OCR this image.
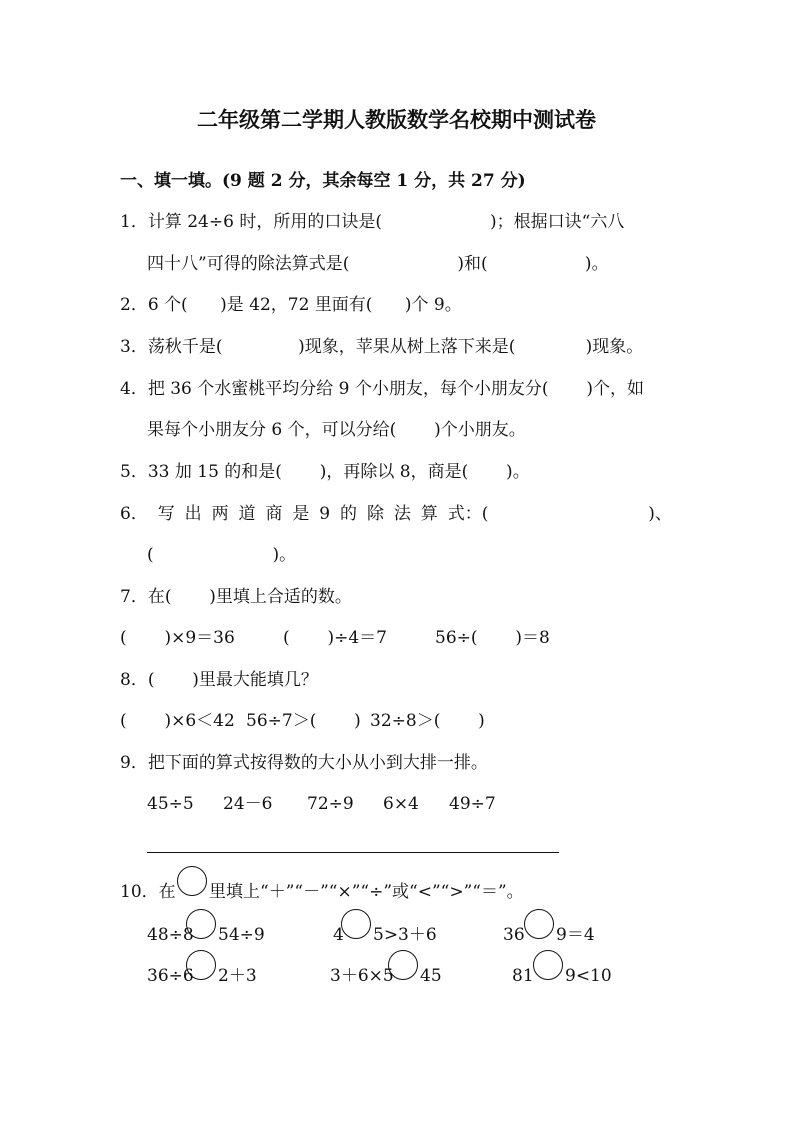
二年级第二学期人教版数学名校期中测试卷
一、填一填。(9 题 2 分，其余每空 1 分，共 27 分)
1．计算 24÷6 时，所用的口诀是(                    )；根据口诀“六八
四十八”可得的除法算式是(                    )和(                  )。
2．6 个(      )是 42，72 里面有(      )个 9。
3．荡秋千是(              )现象，苹果从树上落下来是(             )现象。
4．把 36 个水蜜桃平均分给 9 个小朋友，每个小朋友分(       )个，如
果每个小朋友分 6 个，可以分给(       )个小朋友。
5．33 加 15 的和是(       )，再除以 8，商是(       )。
6． 写 出 两 道 商 是 9 的 除 法 算 式：(	)、
(                      )。
7．在(       )里填上合适的数。
(       )×9＝36	(       )÷4＝7	56÷(       )＝8
8．(       )里最大能填几？
(       )×6＜42 56÷7＞(       ) 32÷8＞(       )
9．把下面的算式按得数的大小从小到大排一排。
45÷5 24－6 72÷9 6×4 49÷7
10．在 里填上“＋”“－”“×”“÷”或“<”“>”“＝”。
48÷8 54÷9	4 5>3＋6	36 9＝4
36÷6 2＋3	3＋6×5 45	81 9<10
